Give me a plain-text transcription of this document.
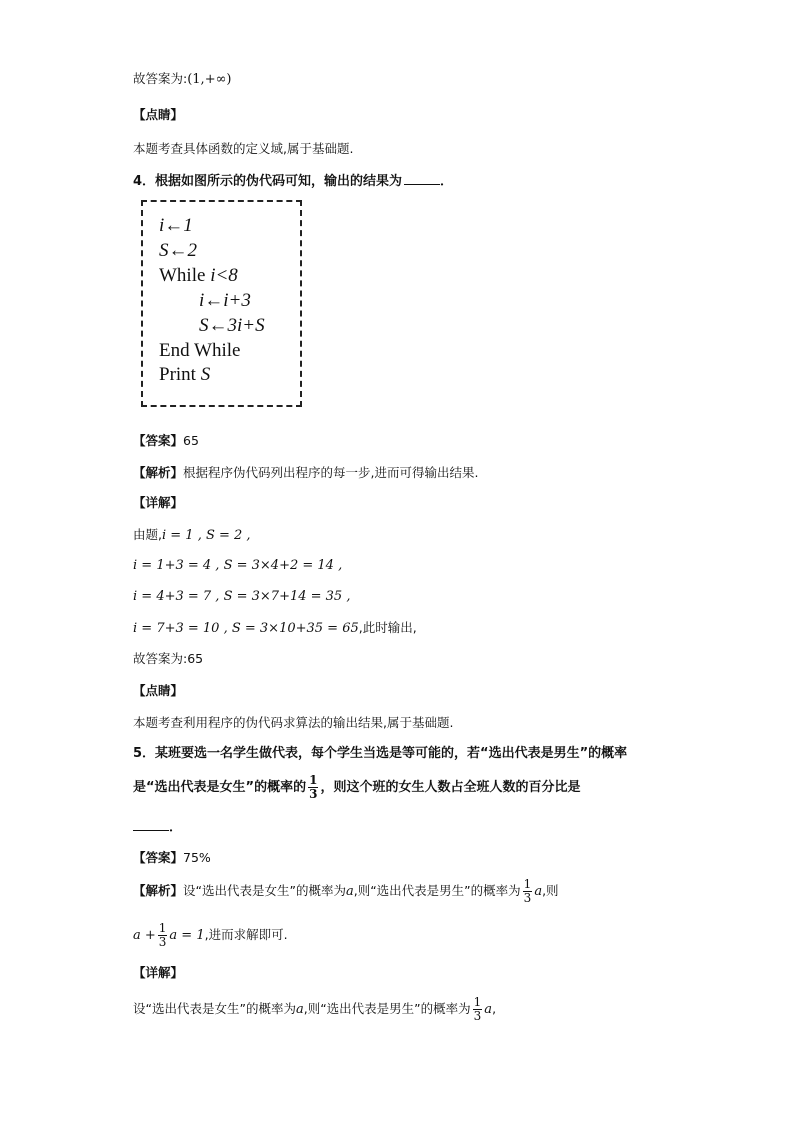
故答案为:(1,+∞)
【点睛】
本题考查具体函数的定义域,属于基础题.
4．根据如图所示的伪代码可知，输出的结果为	．
i←1
S←2
While i<8
i←i+3
S←3i+S
End While
Print S
【答案】65
【解析】根据程序伪代码列出程序的每一步,进而可得输出结果.
【详解】
由题,i = 1 , S = 2 ,
i = 1+3 = 4 , S = 3×4+2 = 14 ,
i = 4+3 = 7 , S = 3×7+14 = 35 ,
i = 7+3 = 10 , S = 3×10+35 = 65,此时输出,
故答案为:65
【点睛】
本题考查利用程序的伪代码求算法的输出结果,属于基础题.
5．某班要选一名学生做代表，每个学生当选是等可能的，若“选出代表是男生”的概率
是“选出代表是女生”的概率的 $\frac{1}{3}$ ，则这个班的女生人数占全班人数的百分比是
．
【答案】75%
【解析】设“选出代表是女生”的概率为a,则“选出代表是男生”的概率为 $\frac{1}{3} a$,则
$a + \frac{1}{3}$ a = 1,进而求解即可.
【详解】
设“选出代表是女生”的概率为a,则“选出代表是男生”的概率为 $\frac{1}{3} a$,
